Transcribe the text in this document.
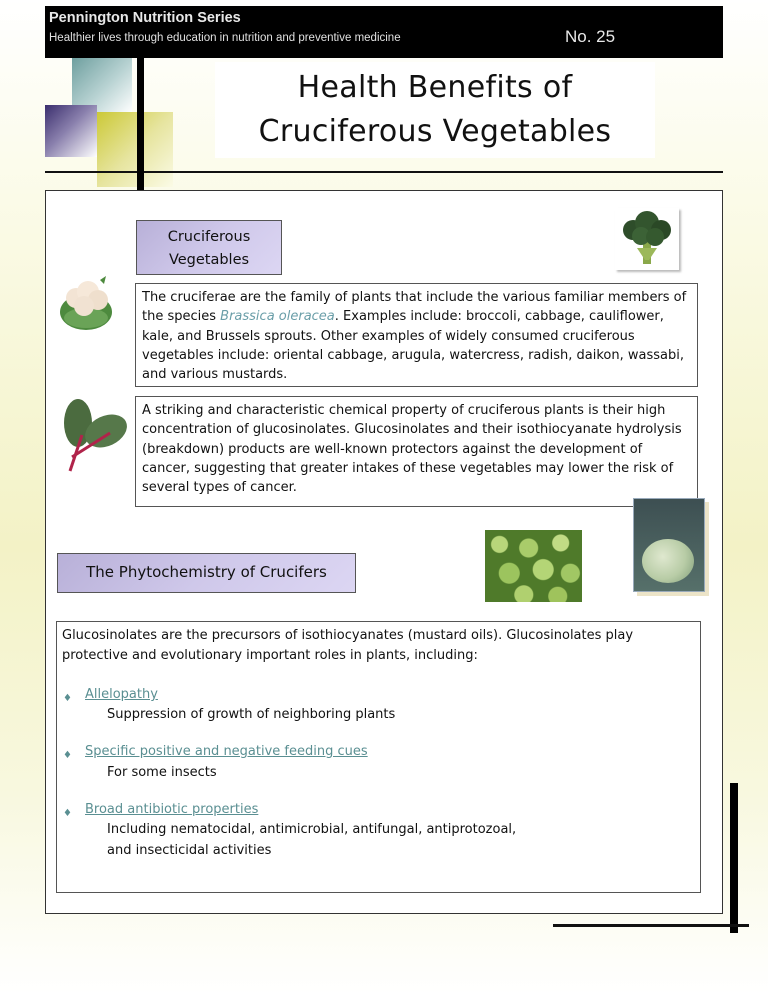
Pennington Nutrition Series
Healthier lives through education in nutrition and preventive medicine	No. 25
Health Benefits of
Cruciferous Vegetables
Cruciferous
Vegetables

The cruciferae are the family of plants that include the various familiar members of the species Brassica oleracea. Examples include: broccoli, cabbage, cauliflower, kale, and Brussels sprouts. Other examples of widely consumed cruciferous vegetables include: oriental cabbage, arugula, watercress, radish, daikon, wassabi, and various mustards.

A striking and characteristic chemical property of cruciferous plants is their high concentration of glucosinolates. Glucosinolates and their isothiocyanate hydrolysis (breakdown) products are well-known protectors against the development of cancer, suggesting that greater intakes of these vegetables may lower the risk of several types of cancer.

The Phytochemistry of Crucifers

Glucosinolates are the precursors of isothiocyanates (mustard oils). Glucosinolates play protective and evolutionary important roles in plants, including:

♦ Allelopathy
Suppression of growth of neighboring plants
♦ Specific positive and negative feeding cues
For some insects
♦ Broad antibiotic properties
Including nematocidal, antimicrobial, antifungal, antiprotozoal,
and insecticidal activities
